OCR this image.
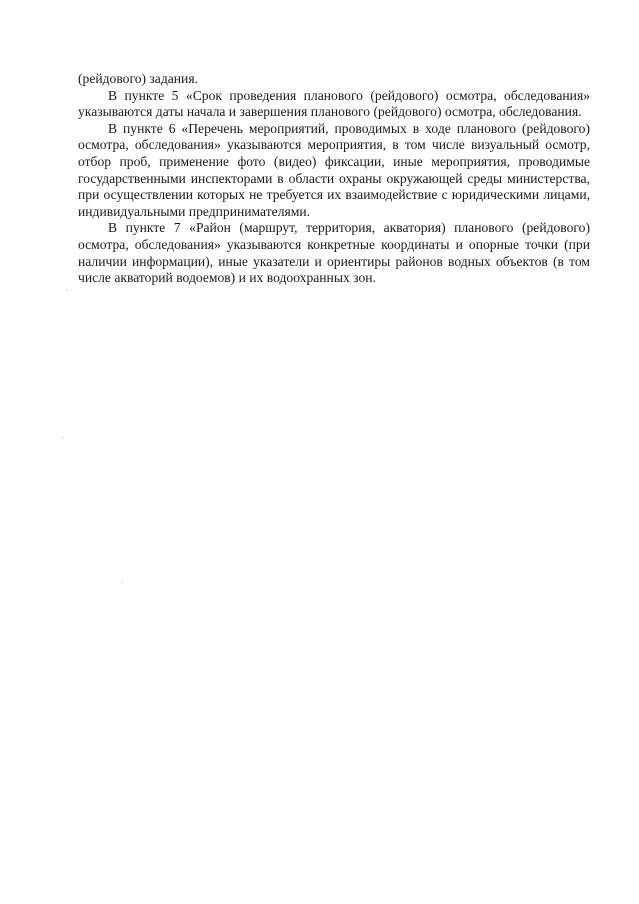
(рейдового) задания.

В пункте 5 «Срок проведения планового (рейдового) осмотра, обследования» указываются даты начала и завершения планового (рейдового) осмотра, обследования.

В пункте 6 «Перечень мероприятий, проводимых в ходе планового (рейдового) осмотра, обследования» указываются мероприятия, в том числе визуальный осмотр, отбор проб, применение фото (видео) фиксации, иные мероприятия, проводимые государственными инспекторами в области охраны окружающей среды министерства, при осуществлении которых не требуется их взаимодействие с юридическими лицами, индивидуальными предпринимателями.

В пункте 7 «Район (маршрут, территория, акватория) планового (рейдового) осмотра, обследования» указываются конкретные координаты и опорные точки (при наличии информации), иные указатели и ориентиры районов водных объектов (в том числе акваторий водоемов) и их водоохранных зон.
